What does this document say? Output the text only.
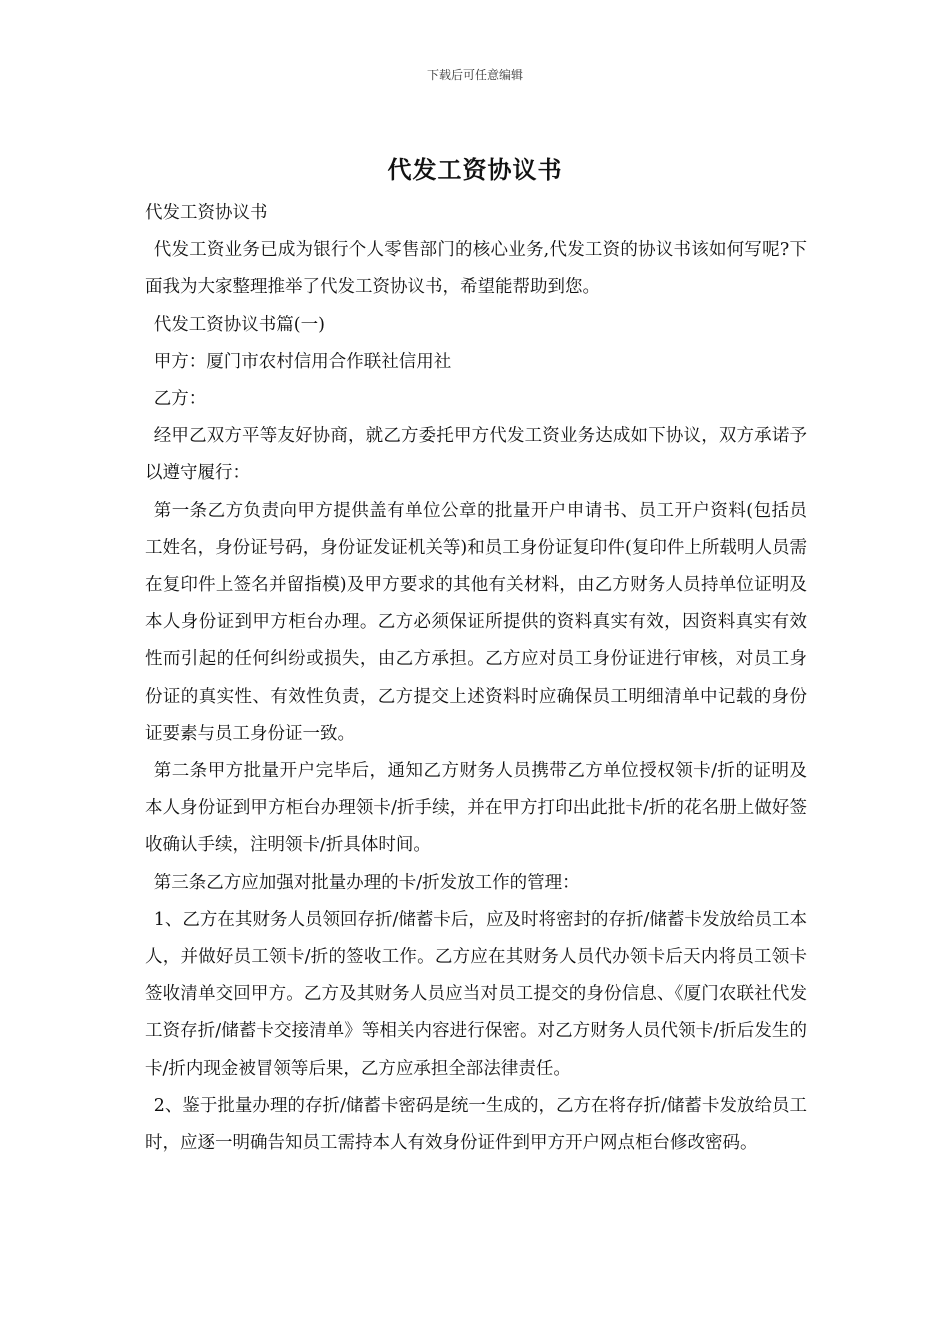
下载后可任意编辑
代发工资协议书

代发工资协议书

代发工资业务已成为银行个人零售部门的核心业务,代发工资的协议书该如何写呢?下面我为大家整理推举了代发工资协议书，希望能帮助到您。

代发工资协议书篇(一)

甲方：厦门市农村信用合作联社信用社

乙方：

经甲乙双方平等友好协商，就乙方委托甲方代发工资业务达成如下协议，双方承诺予以遵守履行：

第一条乙方负责向甲方提供盖有单位公章的批量开户申请书、员工开户资料(包括员工姓名，身份证号码，身份证发证机关等)和员工身份证复印件(复印件上所载明人员需在复印件上签名并留指模)及甲方要求的其他有关材料，由乙方财务人员持单位证明及本人身份证到甲方柜台办理。乙方必须保证所提供的资料真实有效，因资料真实有效性而引起的任何纠纷或损失，由乙方承担。乙方应对员工身份证进行审核，对员工身份证的真实性、有效性负责，乙方提交上述资料时应确保员工明细清单中记载的身份证要素与员工身份证一致。

第二条甲方批量开户完毕后，通知乙方财务人员携带乙方单位授权领卡/折的证明及本人身份证到甲方柜台办理领卡/折手续，并在甲方打印出此批卡/折的花名册上做好签收确认手续，注明领卡/折具体时间。

第三条乙方应加强对批量办理的卡/折发放工作的管理：

1、乙方在其财务人员领回存折/储蓄卡后，应及时将密封的存折/储蓄卡发放给员工本人，并做好员工领卡/折的签收工作。乙方应在其财务人员代办领卡后天内将员工领卡签收清单交回甲方。乙方及其财务人员应当对员工提交的身份信息、《厦门农联社代发工资存折/储蓄卡交接清单》等相关内容进行保密。对乙方财务人员代领卡/折后发生的卡/折内现金被冒领等后果，乙方应承担全部法律责任。

2、鉴于批量办理的存折/储蓄卡密码是统一生成的，乙方在将存折/储蓄卡发放给员工时，应逐一明确告知员工需持本人有效身份证件到甲方开户网点柜台修改密码。
